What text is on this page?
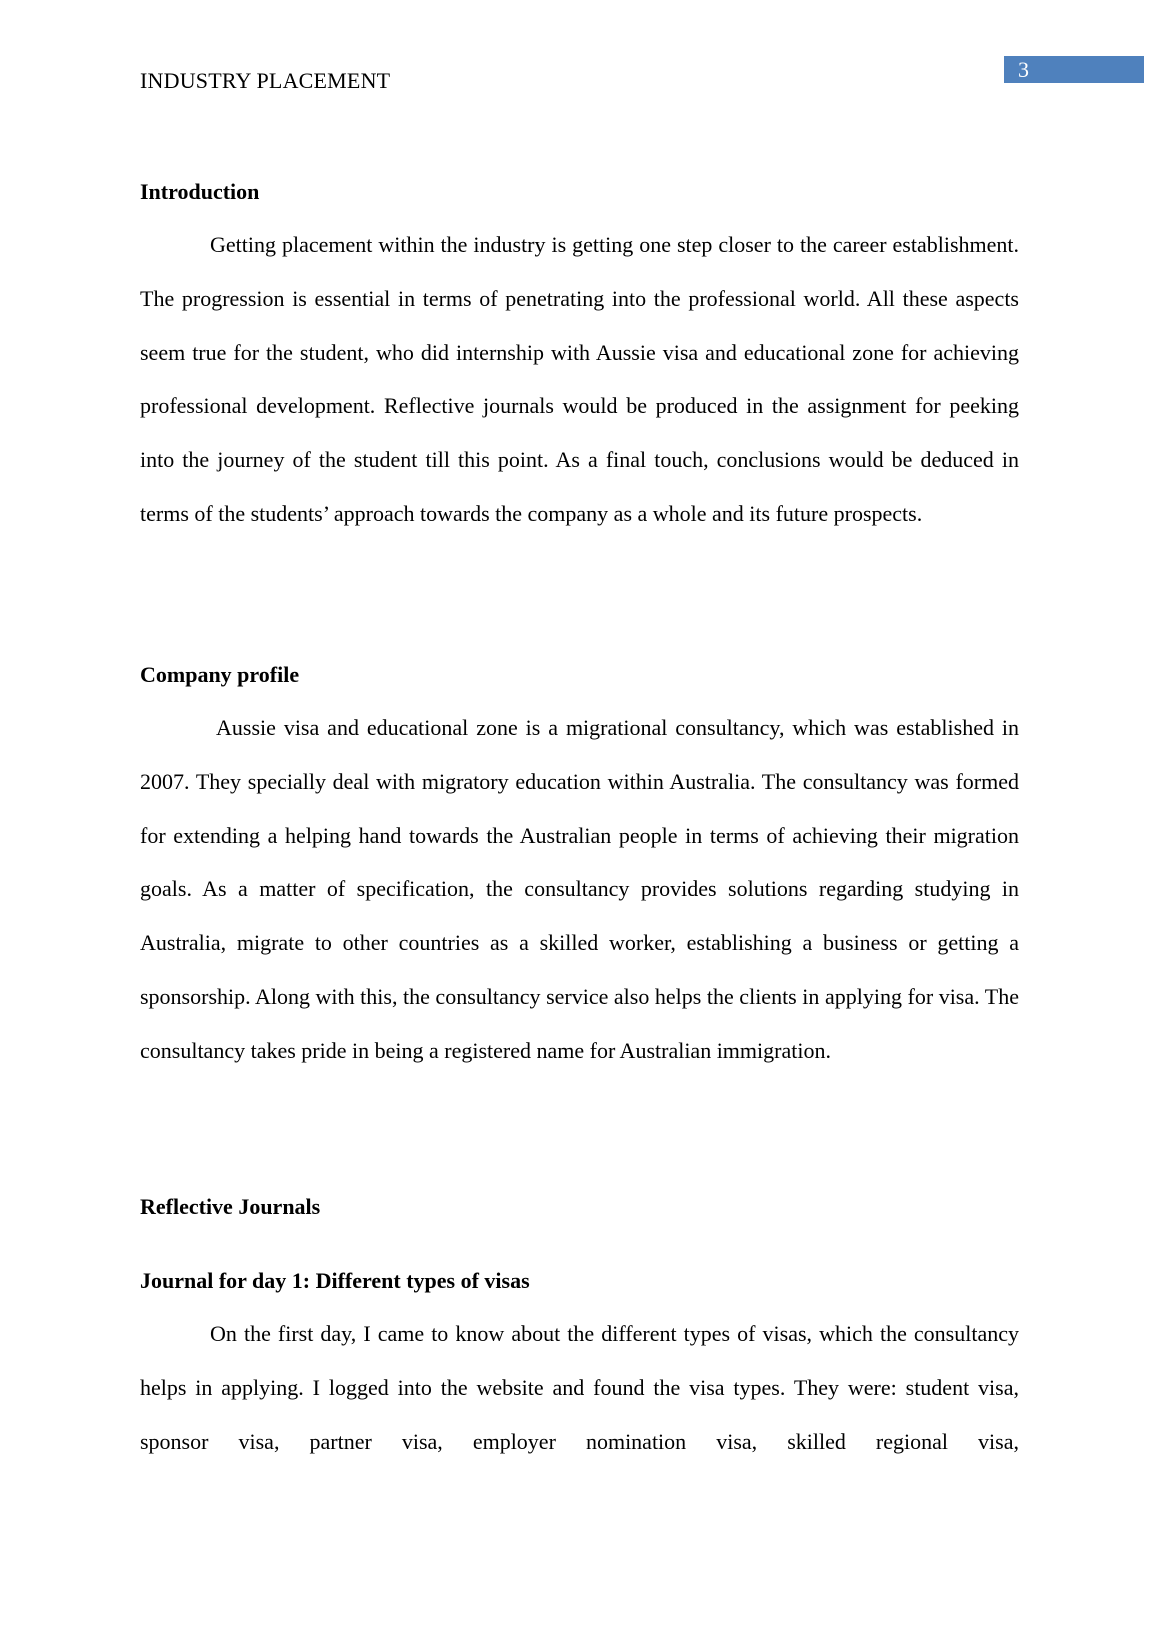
INDUSTRY PLACEMENT	3
Introduction

Getting placement within the industry is getting one step closer to the career establishment. The progression is essential in terms of penetrating into the professional world. All these aspects seem true for the student, who did internship with Aussie visa and educational zone for achieving professional development. Reflective journals would be produced in the assignment for peeking into the journey of the student till this point. As a final touch, conclusions would be deduced in terms of the students’ approach towards the company as a whole and its future prospects.

Company profile

Aussie visa and educational zone is a migrational consultancy, which was established in 2007. They specially deal with migratory education within Australia. The consultancy was formed for extending a helping hand towards the Australian people in terms of achieving their migration goals. As a matter of specification, the consultancy provides solutions regarding studying in Australia, migrate to other countries as a skilled worker, establishing a business or getting a sponsorship. Along with this, the consultancy service also helps the clients in applying for visa. The consultancy takes pride in being a registered name for Australian immigration.

Reflective Journals
Journal for day 1: Different types of visas

On the first day, I came to know about the different types of visas, which the consultancy helps in applying. I logged into the website and found the visa types. They were: student visa, sponsor visa, partner visa, employer nomination visa, skilled regional visa,
